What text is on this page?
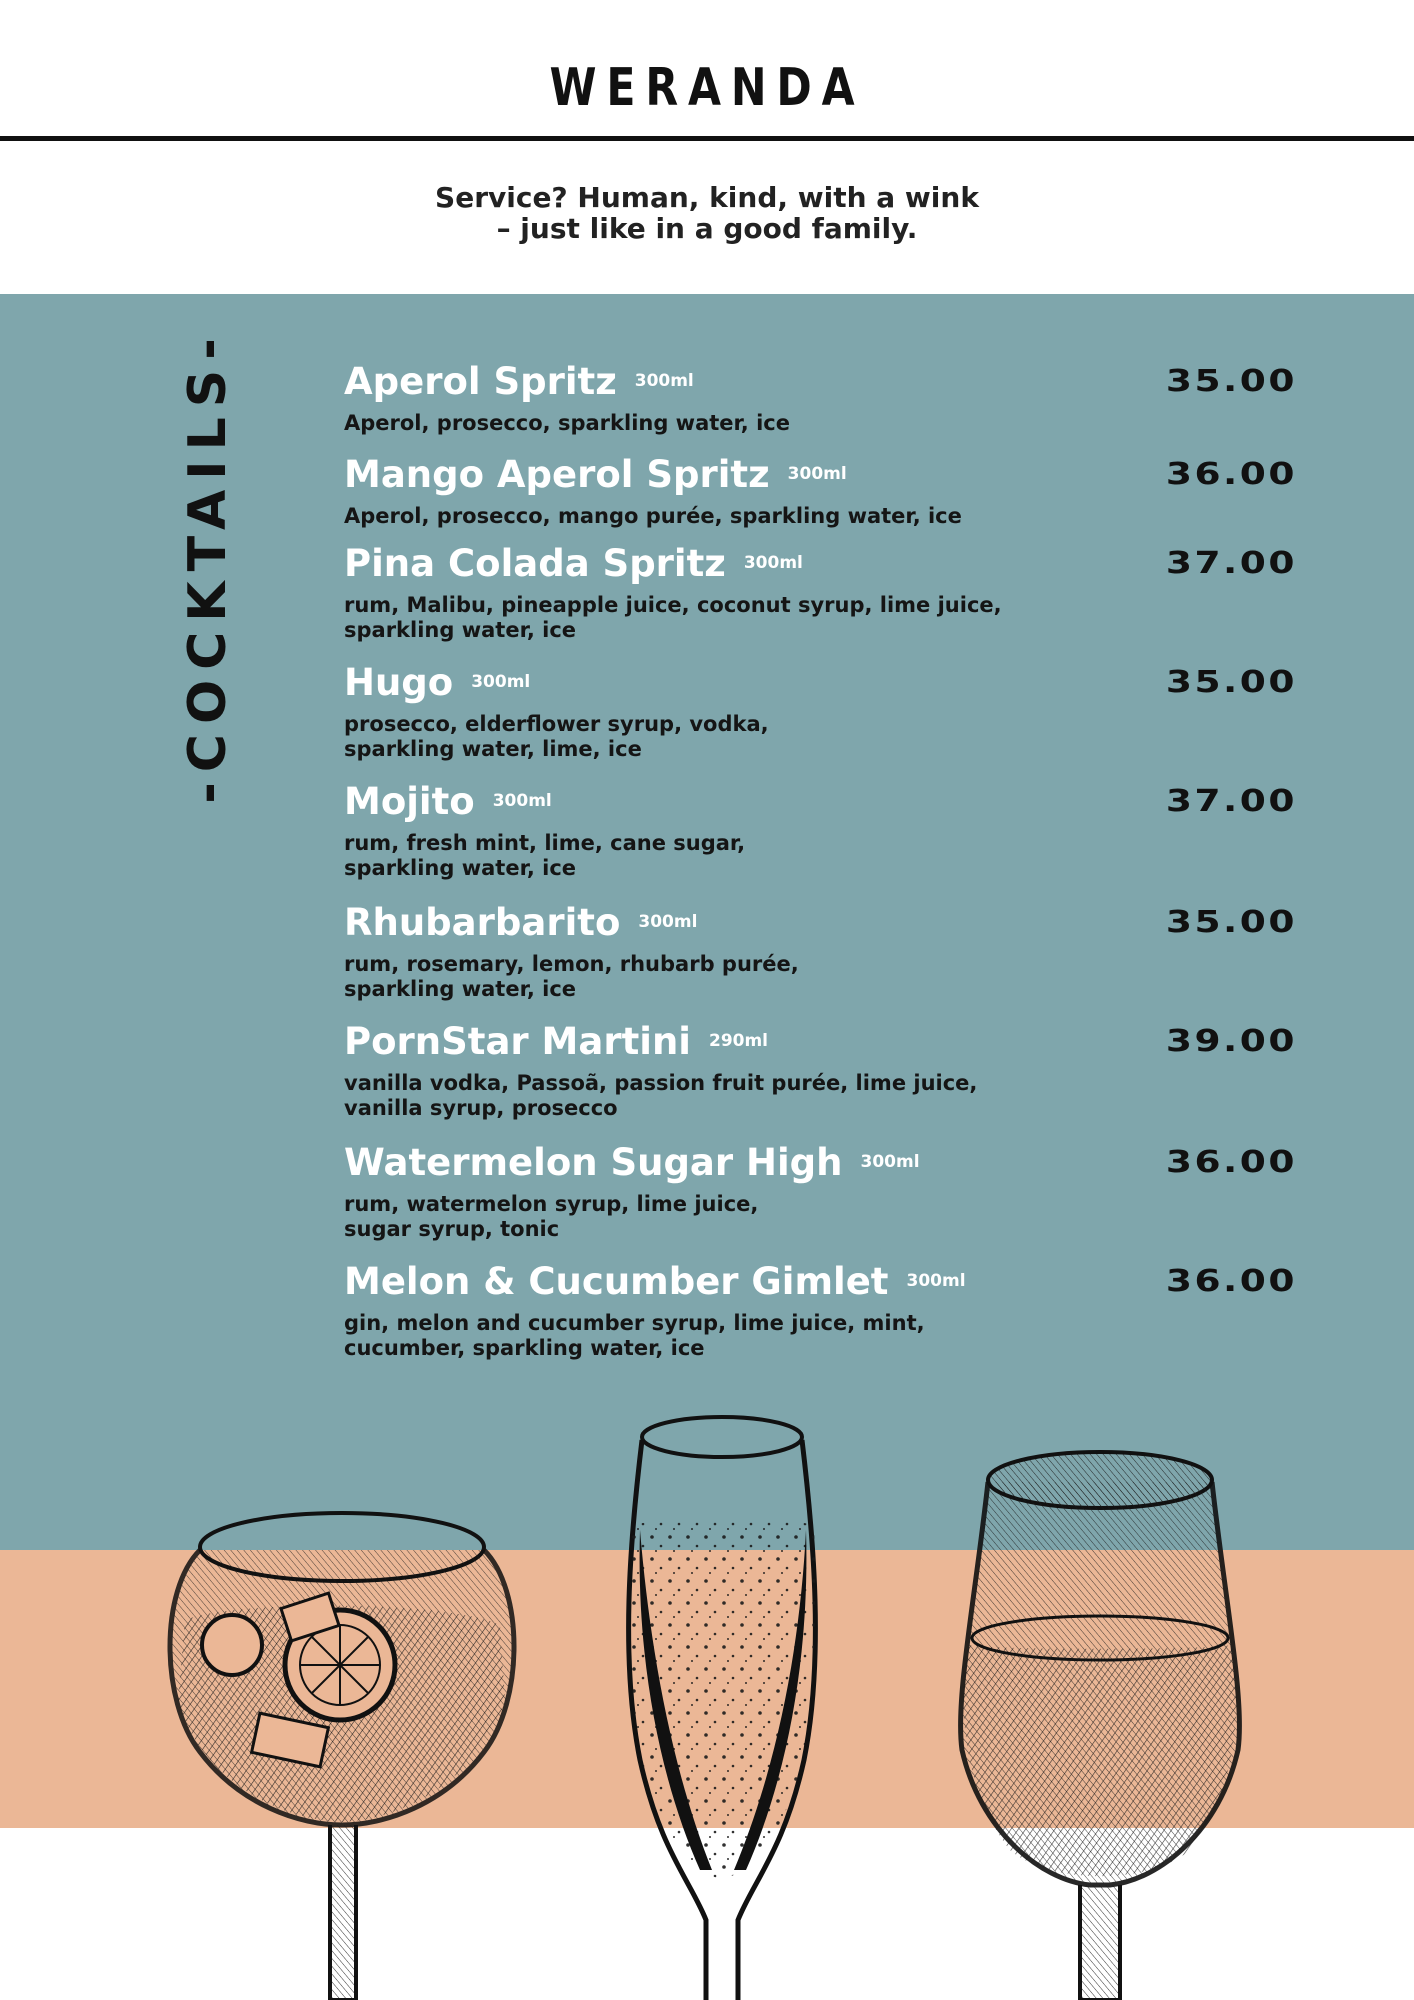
WERANDA
Service? Human, kind, with a wink
– just like in a good family.
-COCKTAILS-	Aperol Spritz $^{300ml}$
Aperol, prosecco, sparkling water, ice
35.00
Mango Aperol Spritz $^{300ml}$
Aperol, prosecco, mango purée, sparkling water, ice
36.00
Pina Colada Spritz $^{300ml}$
rum, Malibu, pineapple juice, coconut syrup, lime juice,
sparkling water, ice
37.00
Hugo $^{300ml}$
prosecco, elderflower syrup, vodka,
sparkling water, lime, ice
35.00
Mojito $^{300ml}$
rum, fresh mint, lime, cane sugar,
sparkling water, ice
37.00
Rhubarbarito $^{300ml}$
rum, rosemary, lemon, rhubarb purée,
sparkling water, ice
35.00
PornStar Martini $^{290ml}$
vanilla vodka, Passoã, passion fruit purée, lime juice,
vanilla syrup, prosecco
39.00
Watermelon Sugar High $^{300ml}$
rum, watermelon syrup, lime juice,
sugar syrup, tonic
36.00
Melon & Cucumber Gimlet $^{300ml}$
gin, melon and cucumber syrup, lime juice, mint,
cucumber, sparkling water, ice
36.00
